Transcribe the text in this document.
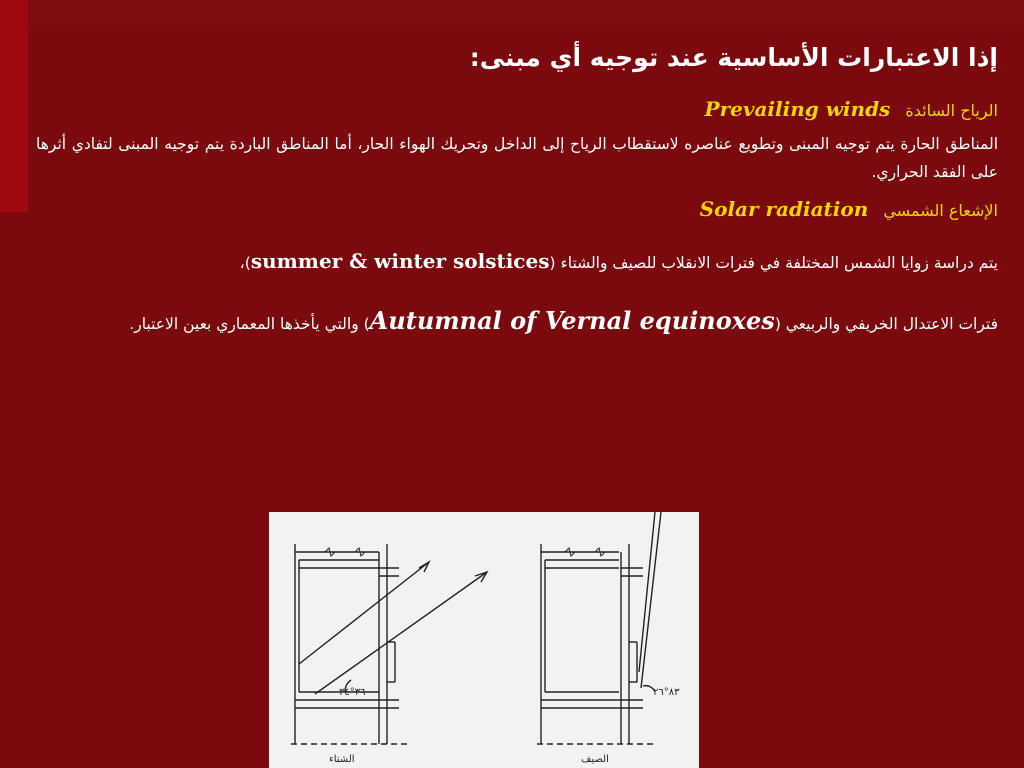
إذا الاعتبارات الأساسية عند توجيه أي مبنى:
الرياح السائدة Prevailing winds
المناطق الحارة يتم توجيه المبنى وتطويع عناصره لاستقطاب الرياح إلى الداخل وتحريك الهواء الحار، أما المناطق الباردة يتم توجيه المبنى لتفادي أثرها على الفقد الحراري.
الإشعاع الشمسي Solar radiation
يتم دراسة زوايا الشمس المختلفة في فترات الانقلاب للصيف والشتاء (summer & winter solstices)،
فترات الاعتدال الخريفي والربيعي (Autumnal of Vernal equinoxes) والتي يأخذها المعماري بعين الاعتبار.
٣٦°٣٤	٨٣°٢٦
الشتاء	الصيف
